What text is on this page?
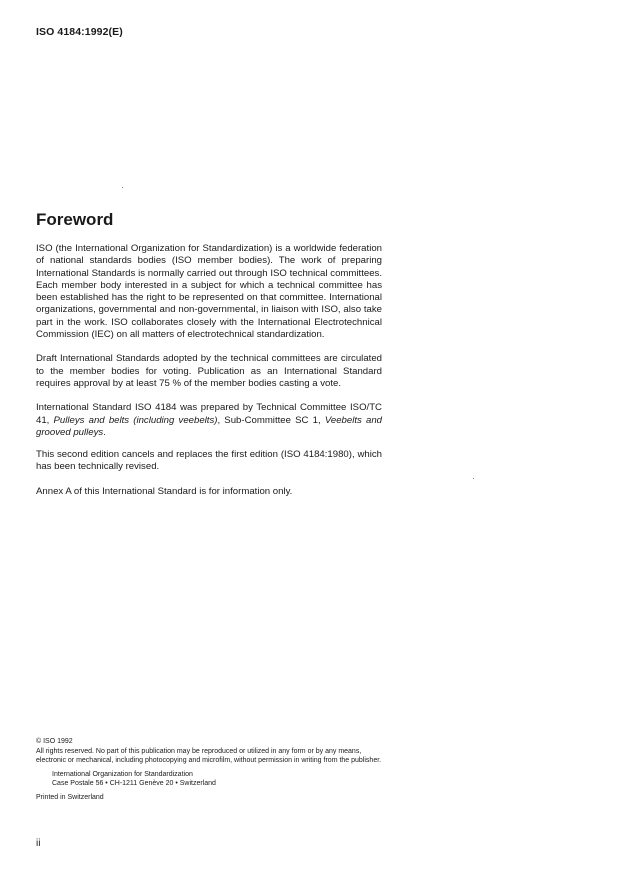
ISO 4184:1992(E)
Foreword

ISO (the International Organization for Standardization) is a worldwide federation of national standards bodies (ISO member bodies). The work of preparing International Standards is normally carried out through ISO technical committees. Each member body interested in a subject for which a technical committee has been established has the right to be represented on that committee. International organizations, governmental and non-governmental, in liaison with ISO, also take part in the work. ISO collaborates closely with the International Electrotechnical Commission (IEC) on all matters of electrotechnical standardization.

Draft International Standards adopted by the technical committees are circulated to the member bodies for voting. Publication as an International Standard requires approval by at least 75 % of the member bodies casting a vote.

International Standard ISO 4184 was prepared by Technical Committee ISO/TC 41, Pulleys and belts (including veebelts), Sub-Committee SC 1, Veebelts and grooved pulleys.

This second edition cancels and replaces the first edition (ISO 4184:1980), which has been technically revised.

Annex A of this International Standard is for information only.

© ISO 1992

All rights reserved. No part of this publication may be reproduced or utilized in any form or by any means, electronic or mechanical, including photocopying and microfilm, without permission in writing from the publisher.

International Organization for Standardization

Case Postale 56 • CH-1211 Genève 20 • Switzerland

Printed in Switzerland

ii
